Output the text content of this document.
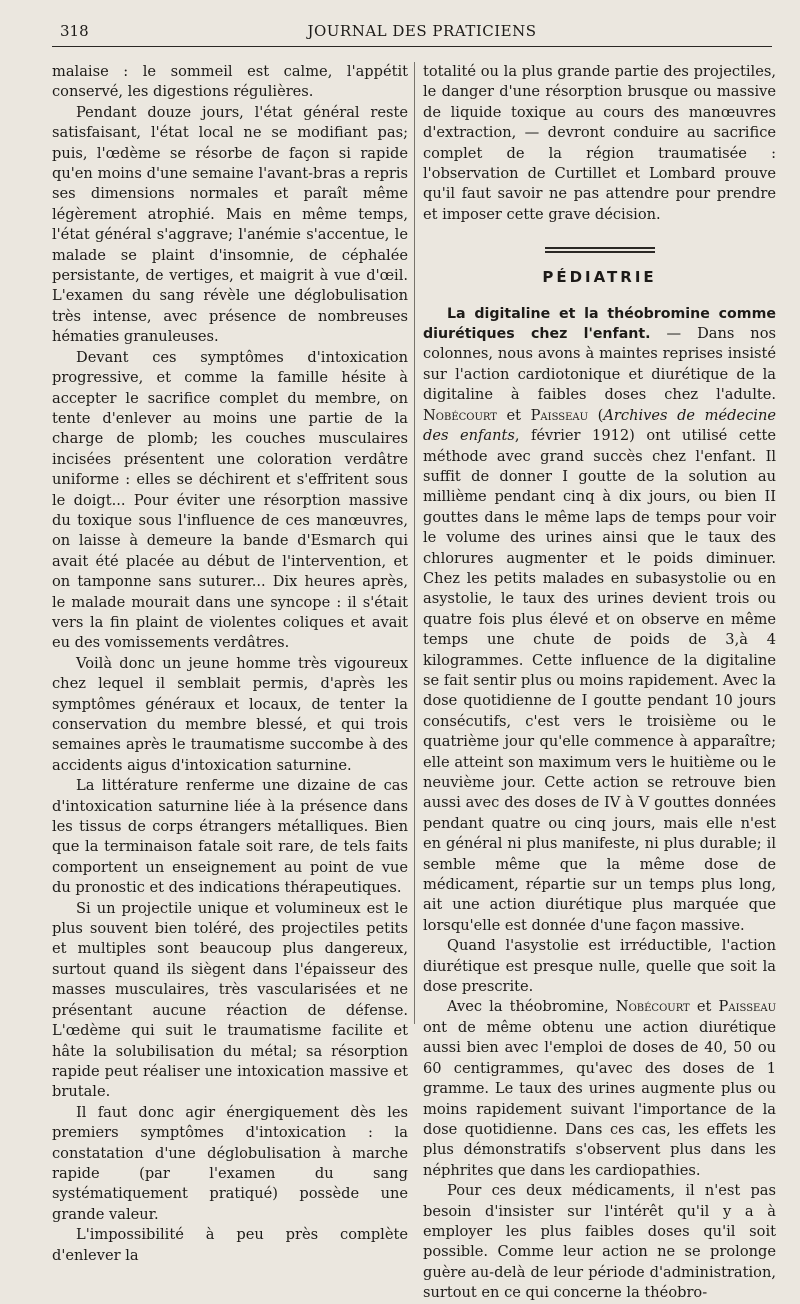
318	JOURNAL DES PRATICIENS

malaise : le sommeil est calme, l'appétit conservé, les digestions régulières.

Pendant douze jours, l'état général reste satisfaisant, l'état local ne se modifiant pas; puis, l'œdème se résorbe de façon si rapide qu'en moins d'une semaine l'avant-bras a repris ses dimensions normales et paraît même légèrement atrophié. Mais en même temps, l'état général s'aggrave; l'anémie s'accentue, le malade se plaint d'insomnie, de céphalée persistante, de vertiges, et maigrit à vue d'œil. L'examen du sang révèle une déglobulisation très intense, avec présence de nombreuses hématies granuleuses.

Devant ces symptômes d'intoxication progressive, et comme la famille hésite à accepter le sacrifice complet du membre, on tente d'enlever au moins une partie de la charge de plomb; les couches musculaires incisées présentent une coloration verdâtre uniforme : elles se déchirent et s'effritent sous le doigt... Pour éviter une résorption massive du toxique sous l'influence de ces manœuvres, on laisse à demeure la bande d'Esmarch qui avait été placée au début de l'intervention, et on tamponne sans suturer... Dix heures après, le malade mourait dans une syncope : il s'était vers la fin plaint de violentes coliques et avait eu des vomissements verdâtres.

Voilà donc un jeune homme très vigoureux chez lequel il semblait permis, d'après les symptômes généraux et locaux, de tenter la conservation du membre blessé, et qui trois semaines après le traumatisme succombe à des accidents aigus d'intoxication saturnine.

La littérature renferme une dizaine de cas d'intoxication saturnine liée à la présence dans les tissus de corps étrangers métalliques. Bien que la terminaison fatale soit rare, de tels faits comportent un enseignement au point de vue du pronostic et des indications thérapeutiques.

Si un projectile unique et volumineux est le plus souvent bien toléré, des projectiles petits et multiples sont beaucoup plus dangereux, surtout quand ils siègent dans l'épaisseur des masses musculaires, très vascularisées et ne présentant aucune réaction de défense. L'œdème qui suit le traumatisme facilite et hâte la solubilisation du métal; sa résorption rapide peut réaliser une intoxication massive et brutale.

Il faut donc agir énergiquement dès les premiers symptômes d'intoxication : la constatation d'une déglobulisation à marche rapide (par l'examen du sang systématiquement pratiqué) possède une grande valeur.

L'impossibilité à peu près complète d'enlever la

totalité ou la plus grande partie des projectiles, le danger d'une résorption brusque ou massive de liquide toxique au cours des manœuvres d'extraction, — devront conduire au sacrifice complet de la région traumatisée : l'observation de Curtillet et Lombard prouve qu'il faut savoir ne pas attendre pour prendre et imposer cette grave décision.

PÉDIATRIE

La digitaline et la théobromine comme diurétiques chez l'enfant. — Dans nos colonnes, nous avons à maintes reprises insisté sur l'action cardiotonique et diurétique de la digitaline à faibles doses chez l'adulte. Nobécourt et Paisseau (Archives de médecine des enfants, février 1912) ont utilisé cette méthode avec grand succès chez l'enfant. Il suffit de donner I goutte de la solution au millième pendant cinq à dix jours, ou bien II gouttes dans le même laps de temps pour voir le volume des urines ainsi que le taux des chlorures augmenter et le poids diminuer. Chez les petits malades en subasystolie ou en asystolie, le taux des urines devient trois ou quatre fois plus élevé et on observe en même temps une chute de poids de 3,à 4 kilogrammes. Cette influence de la digitaline se fait sentir plus ou moins rapidement. Avec la dose quotidienne de I goutte pendant 10 jours consécutifs, c'est vers le troisième ou le quatrième jour qu'elle commence à apparaître; elle atteint son maximum vers le huitième ou le neuvième jour. Cette action se retrouve bien aussi avec des doses de IV à V gouttes données pendant quatre ou cinq jours, mais elle n'est en général ni plus manifeste, ni plus durable; il semble même que la même dose de médicament, répartie sur un temps plus long, ait une action diurétique plus marquée que lorsqu'elle est donnée d'une façon massive.

Quand l'asystolie est irréductible, l'action diurétique est presque nulle, quelle que soit la dose prescrite.

Avec la théobromine, Nobécourt et Paisseau ont de même obtenu une action diurétique aussi bien avec l'emploi de doses de 40, 50 ou 60 centigrammes, qu'avec des doses de 1 gramme. Le taux des urines augmente plus ou moins rapidement suivant l'importance de la dose quotidienne. Dans ces cas, les effets les plus démonstratifs s'observent plus dans les néphrites que dans les cardiopathies.

Pour ces deux médicaments, il n'est pas besoin d'insister sur l'intérêt qu'il y a à employer les plus faibles doses qu'il soit possible. Comme leur action ne se prolonge guère au-delà de leur période d'administration, surtout en ce qui concerne la théobro-
